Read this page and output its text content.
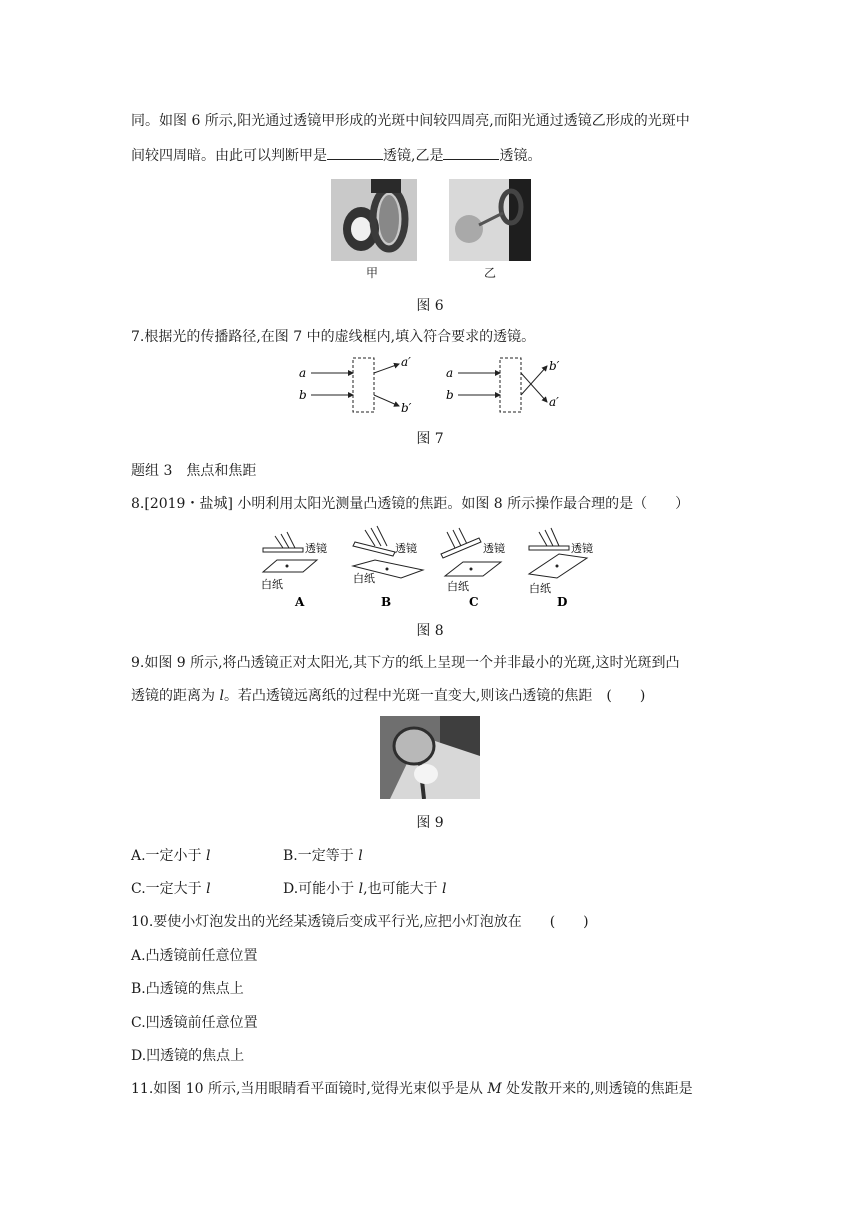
同。如图 6 所示,阳光通过透镜甲形成的光斑中间较四周亮,而阳光通过透镜乙形成的光斑中
间较四周暗。由此可以判断甲是	透镜,乙是	透镜。
甲	乙
图 6
7.根据光的传播路径,在图 7 中的虚线框内,填入符合要求的透镜。
a
b
a′
b′
a
b
b′
a′
图 7
题组 3　焦点和焦距
8.[2019・盐城] 小明利用太阳光测量凸透镜的焦距。如图 8 所示操作最合理的是（　　）
透镜
白纸
A
透镜
白纸
B
透镜
白纸
C
透镜
白纸
D
图 8
9.如图 9 所示,将凸透镜正对太阳光,其下方的纸上呈现一个并非最小的光斑,这时光斑到凸
透镜的距离为 l。若凸透镜远离纸的过程中光斑一直变大,则该凸透镜的焦距　(　　)
图 9
A.一定小于 l	B.一定等于 l
C.一定大于 l	D.可能小于 l,也可能大于 l
10.要使小灯泡发出的光经某透镜后变成平行光,应把小灯泡放在　　(　　)
A.凸透镜前任意位置
B.凸透镜的焦点上
C.凹透镜前任意位置
D.凹透镜的焦点上
11.如图 10 所示,当用眼睛看平面镜时,觉得光束似乎是从 M 处发散开来的,则透镜的焦距是
